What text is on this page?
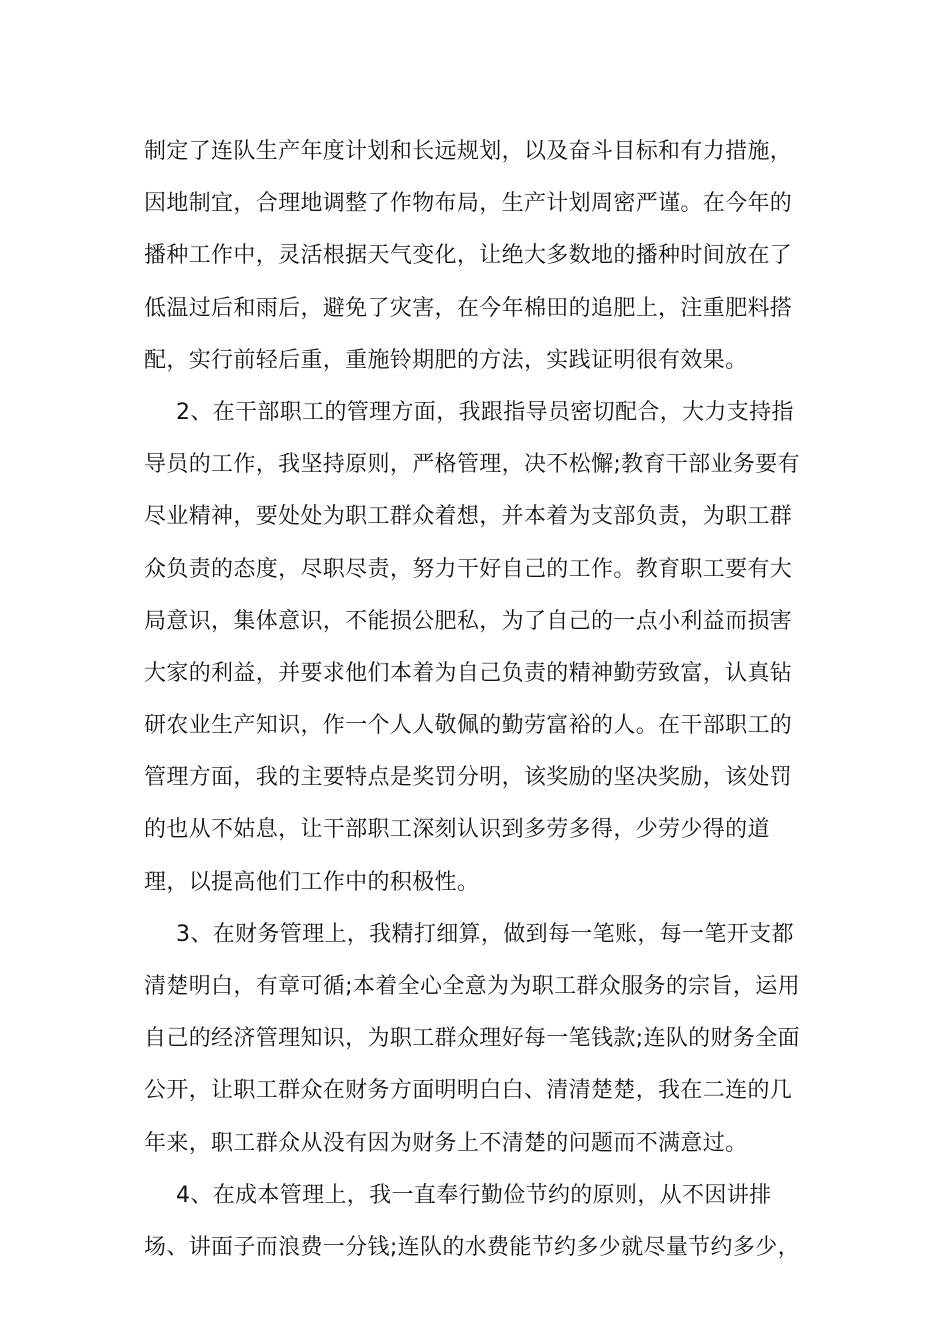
制定了连队生产年度计划和长远规划，以及奋斗目标和有力措施，
因地制宜，合理地调整了作物布局，生产计划周密严谨。在今年的
播种工作中，灵活根据天气变化，让绝大多数地的播种时间放在了
低温过后和雨后，避免了灾害，在今年棉田的追肥上，注重肥料搭
配，实行前轻后重，重施铃期肥的方法，实践证明很有效果。
2、在干部职工的管理方面，我跟指导员密切配合，大力支持指
导员的工作，我坚持原则，严格管理，决不松懈;教育干部业务要有
尽业精神，要处处为职工群众着想，并本着为支部负责，为职工群
众负责的态度，尽职尽责，努力干好自己的工作。教育职工要有大
局意识，集体意识，不能损公肥私，为了自己的一点小利益而损害
大家的利益，并要求他们本着为自己负责的精神勤劳致富，认真钻
研农业生产知识，作一个人人敬佩的勤劳富裕的人。在干部职工的
管理方面，我的主要特点是奖罚分明，该奖励的坚决奖励，该处罚
的也从不姑息，让干部职工深刻认识到多劳多得，少劳少得的道
理，以提高他们工作中的积极性。
3、在财务管理上，我精打细算，做到每一笔账，每一笔开支都
清楚明白，有章可循;本着全心全意为为职工群众服务的宗旨，运用
自己的经济管理知识，为职工群众理好每一笔钱款;连队的财务全面
公开，让职工群众在财务方面明明白白、清清楚楚，我在二连的几
年来，职工群众从没有因为财务上不清楚的问题而不满意过。
4、在成本管理上，我一直奉行勤俭节约的原则，从不因讲排
场、讲面子而浪费一分钱;连队的水费能节约多少就尽量节约多少，
